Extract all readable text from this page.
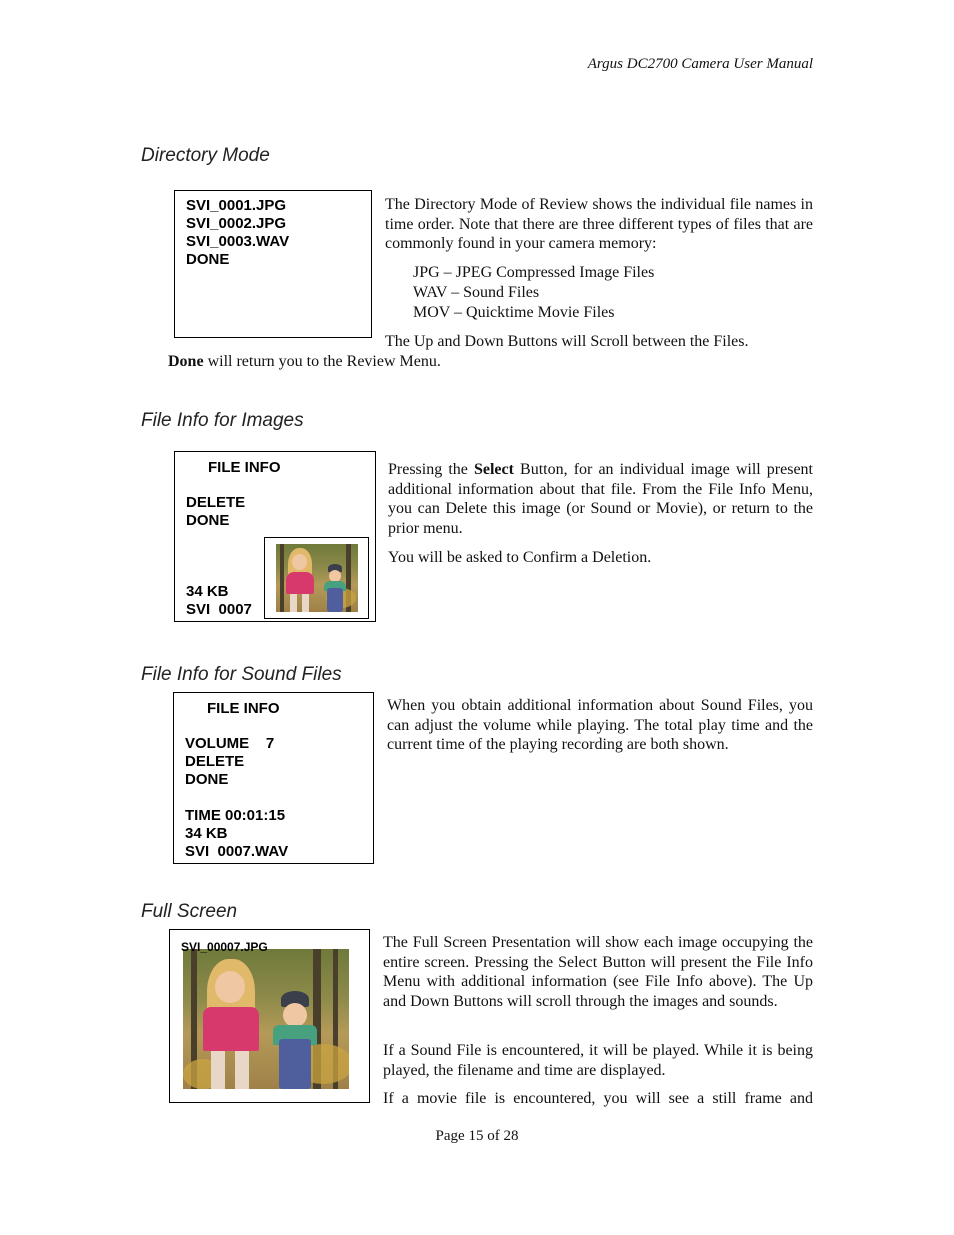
Argus DC2700 Camera User Manual
Directory Mode
SVI_0001.JPG
SVI_0002.JPG
SVI_0003.WAV
DONE

The Directory Mode of Review shows the individual file names in time order. Note that there are three different types of files that are commonly found in your camera memory:

JPG – JPEG Compressed Image Files
WAV – Sound Files
MOV – Quicktime Movie Files
The Up and Down Buttons will Scroll between the Files.
Done will return you to the Review Menu.
File Info for Images
FILE INFO
DELETE
DONE
34 KB
SVI  0007

Pressing the Select Button, for an individual image will present additional information about that file. From the File Info Menu, you can Delete this image (or Sound or Movie), or return to the prior menu.

You will be asked to Confirm a Deletion.
File Info for Sound Files
FILE INFO
VOLUME    7
DELETE
DONE
TIME 00:01:15
34 KB
SVI  0007.WAV
When you obtain additional information about Sound Files, you can adjust the volume while playing. The total play time and the current time of the playing recording are both shown.
Full Screen
SVI_00007.JPG	The Full Screen Presentation will show each image occupying the entire screen. Pressing the Select Button will present the File Info Menu with additional information (see File Info above). The Up and Down Buttons will scroll through the images and sounds.
If a Sound File is encountered, it will be played. While it is being played, the filename and time are displayed.
If a movie file is encountered, you will see a still frame and
Page 15 of 28
